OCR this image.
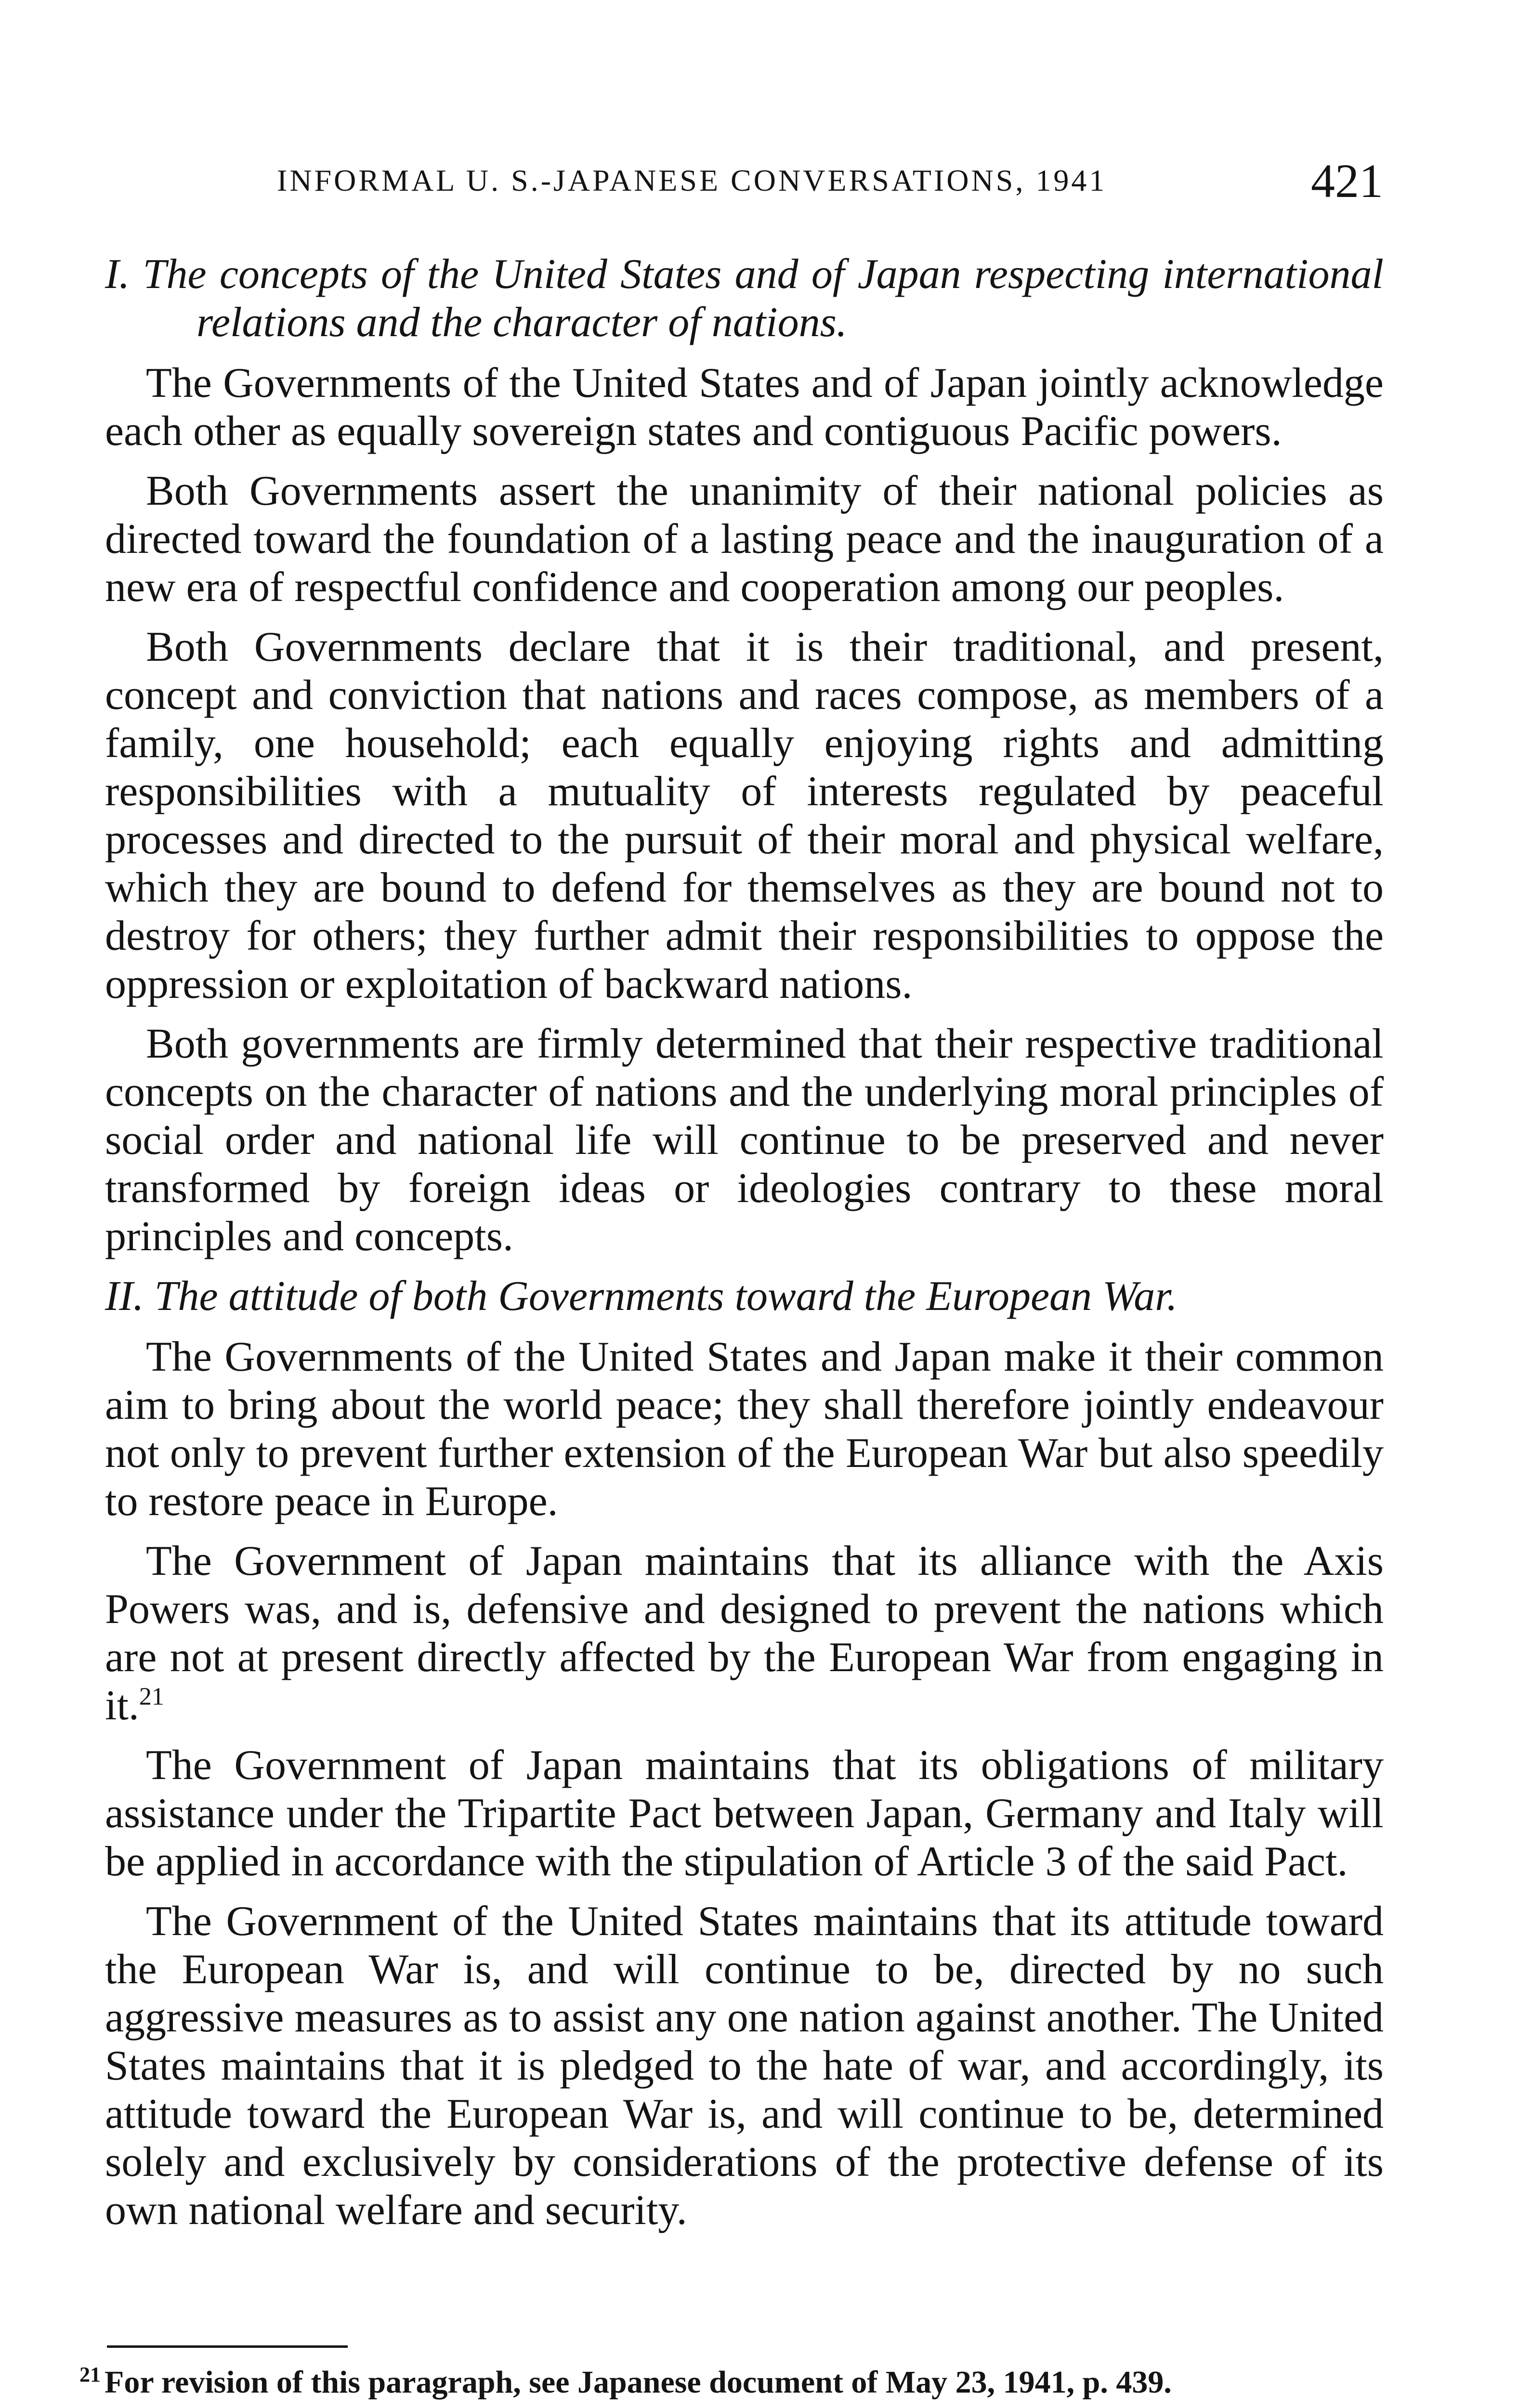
INFORMAL U. S.-JAPANESE CONVERSATIONS, 1941	421

I. The concepts of the United States and of Japan respecting international relations and the character of nations.

The Governments of the United States and of Japan jointly acknowledge each other as equally sovereign states and contiguous Pacific powers.

Both Governments assert the unanimity of their national policies as directed toward the foundation of a lasting peace and the inauguration of a new era of respectful confidence and cooperation among our peoples.

Both Governments declare that it is their traditional, and present, concept and conviction that nations and races compose, as members of a family, one household; each equally enjoying rights and admitting responsibilities with a mutuality of interests regulated by peaceful processes and directed to the pursuit of their moral and physical welfare, which they are bound to defend for themselves as they are bound not to destroy for others; they further admit their responsibilities to oppose the oppression or exploitation of backward nations.

Both governments are firmly determined that their respective traditional concepts on the character of nations and the underlying moral principles of social order and national life will continue to be preserved and never transformed by foreign ideas or ideologies contrary to these moral principles and concepts.

II. The attitude of both Governments toward the European War.

The Governments of the United States and Japan make it their common aim to bring about the world peace; they shall therefore jointly endeavour not only to prevent further extension of the European War but also speedily to restore peace in Europe.

The Government of Japan maintains that its alliance with the Axis Powers was, and is, defensive and designed to prevent the nations which are not at present directly affected by the European War from engaging in it.$^{21}$

The Government of Japan maintains that its obligations of military assistance under the Tripartite Pact between Japan, Germany and Italy will be applied in accordance with the stipulation of Article 3 of the said Pact.

The Government of the United States maintains that its attitude toward the European War is, and will continue to be, directed by no such aggressive measures as to assist any one nation against another. The United States maintains that it is pledged to the hate of war, and accordingly, its attitude toward the European War is, and will continue to be, determined solely and exclusively by considerations of the protective defense of its own national welfare and security.

$^{21}$ For revision of this paragraph, see Japanese document of May 23, 1941, p. 439.
